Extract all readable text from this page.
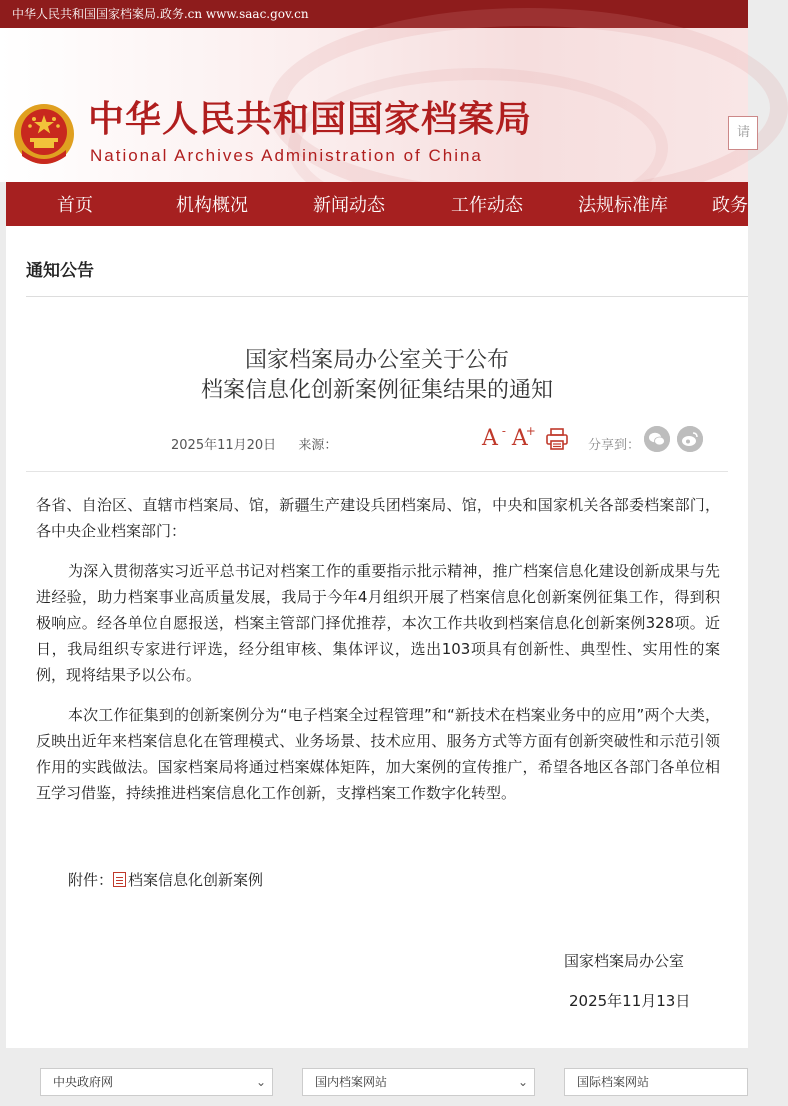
中华人民共和国国家档案局.政务.cn www.saac.gov.cn
中华人民共和国国家档案局
National Archives Administration of China
请
首页	机构概况	新闻动态	工作动态	法规标准库	政务
通知公告
国家档案局办公室关于公布
档案信息化创新案例征集结果的通知
2025年11月20日 来源：	A - A
+
分享到：

各省、自治区、直辖市档案局、馆，新疆生产建设兵团档案局、馆，中央和国家机关各部委档案部门，各中央企业档案部门：

为深入贯彻落实习近平总书记对档案工作的重要指示批示精神，推广档案信息化建设创新成果与先进经验，助力档案事业高质量发展，我局于今年4月组织开展了档案信息化创新案例征集工作，得到积极响应。经各单位自愿报送，档案主管部门择优推荐，本次工作共收到档案信息化创新案例328项。近日，我局组织专家进行评选，经分组审核、集体评议，选出103项具有创新性、典型性、实用性的案例，现将结果予以公布。

本次工作征集到的创新案例分为“电子档案全过程管理”和“新技术在档案业务中的应用”两个大类，反映出近年来档案信息化在管理模式、业务场景、技术应用、服务方式等方面有创新突破性和示范引领作用的实践做法。国家档案局将通过档案媒体矩阵，加大案例的宣传推广，希望各地区各部门各单位相互学习借鉴，持续推进档案信息化工作创新，支撑档案工作数字化转型。

附件： 档案信息化创新案例
国家档案局办公室
2025年11月13日
中央政府网	⌄	国内档案网站	⌄	国际档案网站
